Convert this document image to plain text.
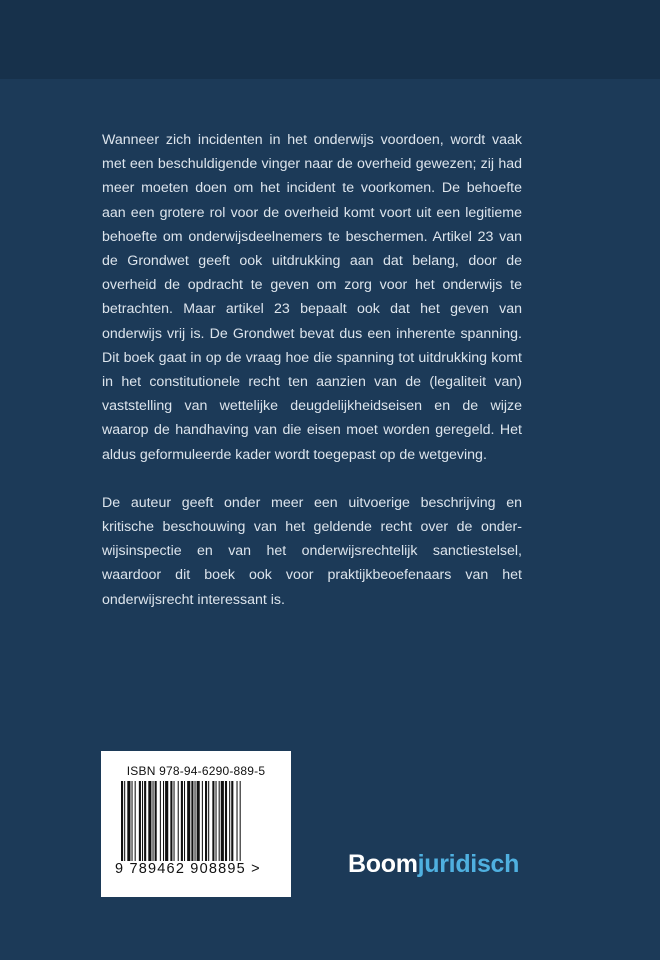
Wanneer zich incidenten in het onderwijs voordoen, wordt vaak met een beschuldigende vinger naar de overheid gewezen; zij had meer moeten doen om het incident te voorkomen. De behoefte aan een grotere rol voor de overheid komt voort uit een legitieme behoefte om onderwijsdeelnemers te beschermen. Artikel 23 van de Grondwet geeft ook uitdrukking aan dat belang, door de overheid de opdracht te geven om zorg voor het onderwijs te betrachten. Maar artikel 23 bepaalt ook dat het geven van onderwijs vrij is. De Grondwet bevat dus een inherente spanning. Dit boek gaat in op de vraag hoe die spanning tot uitdrukking komt in het constitutionele recht ten aanzien van de (legaliteit van) vaststelling van wettelijke deugdelijkheidseisen en de wijze waarop de handhaving van die eisen moet worden geregeld. Het aldus geformuleerde kader wordt toegepast op de wetgeving.

De auteur geeft onder meer een uitvoerige beschrijving en kritische beschouwing van het geldende recht over de onderwijsinspectie en van het onderwijsrechtelijk sanctiestelsel, waardoor dit boek ook voor praktijkbeoefenaars van het onderwijsrecht interessant is.

ISBN 978-94-6290-889-5
9 789462 908895 >	Boomjuridisch
